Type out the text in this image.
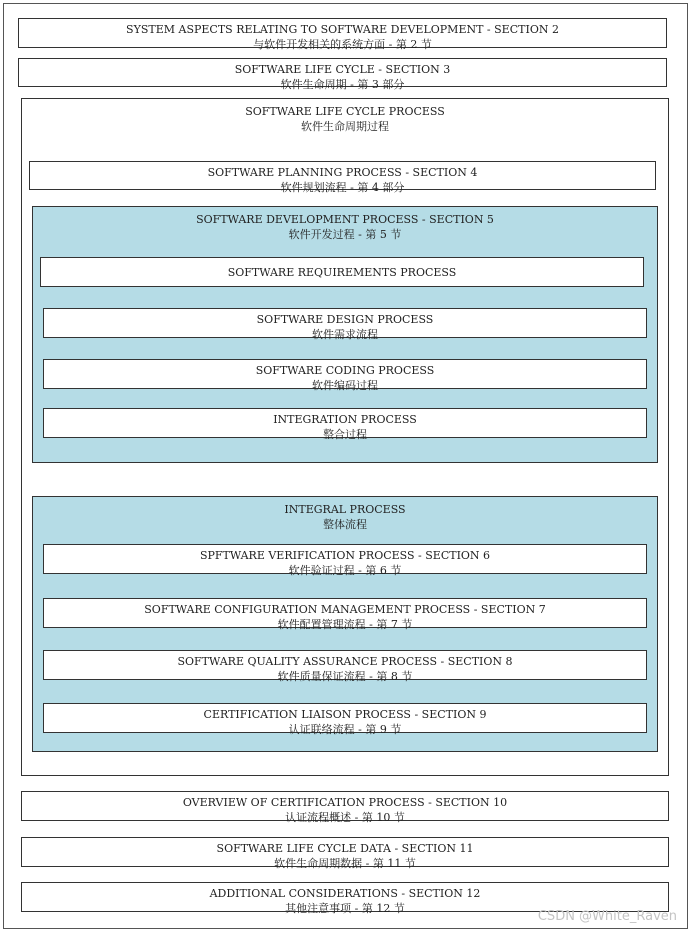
SYSTEM ASPECTS RELATING TO SOFTWARE DEVELOPMENT - SECTION 2
与软件开发相关的系统方面 - 第 2 节
SOFTWARE LIFE CYCLE - SECTION 3
软件生命周期 - 第 3 部分
SOFTWARE LIFE CYCLE PROCESS
软件生命周期过程
SOFTWARE PLANNING PROCESS - SECTION 4
软件规划流程 - 第 4 部分
SOFTWARE DEVELOPMENT PROCESS - SECTION 5
软件开发过程 - 第 5 节
SOFTWARE REQUIREMENTS PROCESS
SOFTWARE DESIGN PROCESS
软件需求流程
SOFTWARE CODING PROCESS
软件编码过程
INTEGRATION PROCESS
整合过程
INTEGRAL PROCESS
整体流程
SPFTWARE VERIFICATION PROCESS - SECTION 6
软件验证过程 - 第 6 节
SOFTWARE CONFIGURATION MANAGEMENT PROCESS - SECTION 7
软件配置管理流程 - 第 7 节
SOFTWARE QUALITY ASSURANCE PROCESS - SECTION 8
软件质量保证流程 - 第 8 节
CERTIFICATION LIAISON PROCESS - SECTION 9
认证联络流程 - 第 9 节
OVERVIEW OF CERTIFICATION PROCESS - SECTION 10
认证流程概述 - 第 10 节
SOFTWARE LIFE CYCLE DATA - SECTION 11
软件生命周期数据 - 第 11 节
ADDITIONAL CONSIDERATIONS - SECTION 12
其他注意事项 - 第 12 节
CSDN @White_Raven
